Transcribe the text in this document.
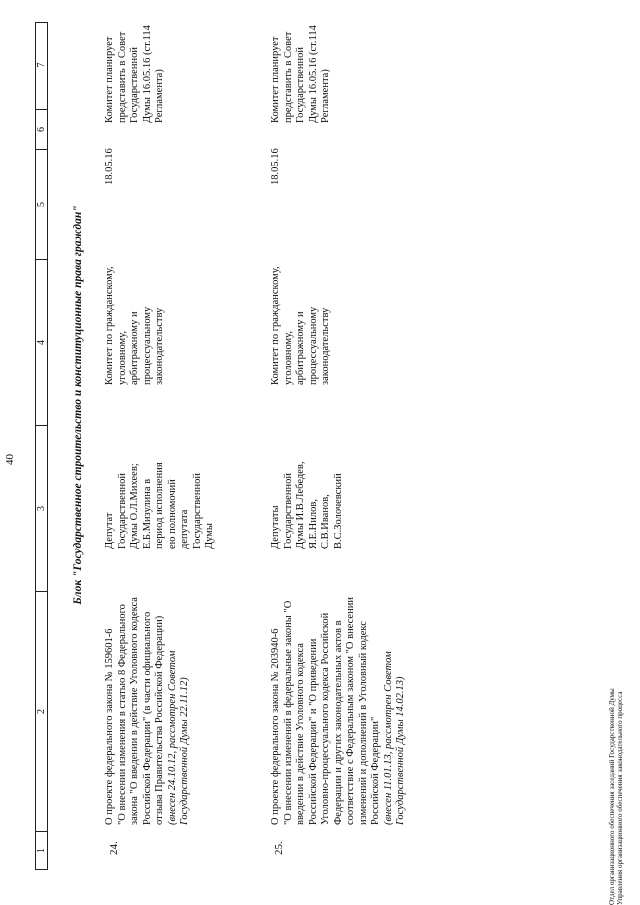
40
1
2
3
4
5
6
7
Блок "Государственное строительство и конституционные права граждан"
24.
О проекте федерального закона № 159601-6 "О внесении изменения в статью 8 Федерального закона "О введении в действие Уголовного кодекса Российской Федерации" (в части официального отзыва Правительства Российской Федерации) (внесен 24.10.12, рассмотрен Советом Государственной Думы 22.11.12)
Депутат Государственной Думы О.Л.Михеев; Е.Б.Мизулина в период исполнения ею полномочий депутата Государственной Думы
Комитет по гражданскому, уголовному, арбитражному и процессуальному законодательству
18.05.16
Комитет планирует представить в Совет Государственной Думы 16.05.16 (ст.114 Регламента)
25.
О проекте федерального закона № 203940-6 "О внесении изменений в федеральные законы "О введении в действие Уголовного кодекса Российской Федерации" и "О приведении Уголовно-процессуального кодекса Российской Федерации и других законодательных актов в соответствие с Федеральным законом "О внесении изменений и дополнений в Уголовный кодекс Российской Федерации" (внесен 11.01.13, рассмотрен Советом Государственной Думы 14.02.13)
Депутаты Государственной Думы И.В.Лебедев, Я.Е.Нилов, С.В.Иванов, В.С.Золочевский
Комитет по гражданскому, уголовному, арбитражному и процессуальному законодательству
18.05.16
Комитет планирует представить в Совет Государственной Думы 16.05.16 (ст.114 Регламента)
Отдел организационного обеспечения заседаний Государственной Думы Управления организационного обеспечения законодательного процесса
